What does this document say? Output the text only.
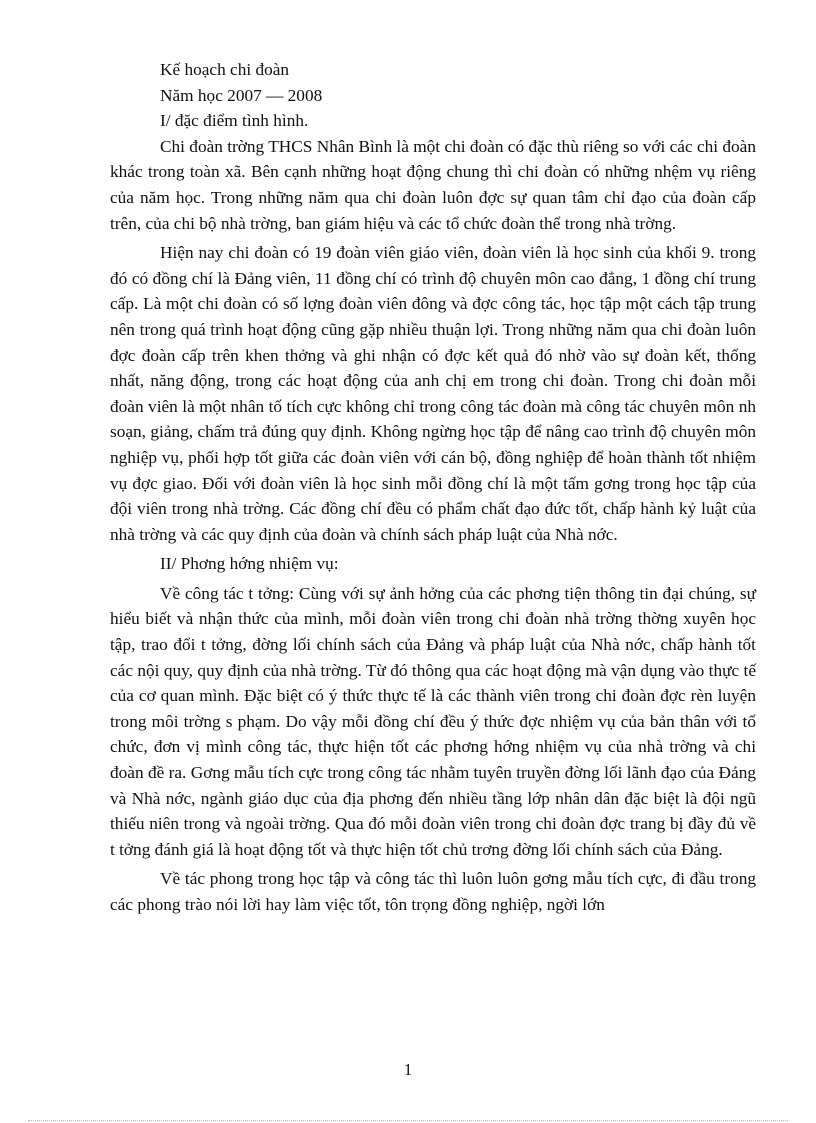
Kế hoạch chi đoàn

Năm học 2007 — 2008

I/ đặc điểm tình hình.

Chi đoàn trờng THCS Nhân Bình là một chi đoàn có đặc thù riêng so với các chi đoàn khác trong toàn xã. Bên cạnh những hoạt động chung thì chi đoàn có những nhệm vụ riêng của năm học. Trong những năm qua chi đoàn luôn đợc sự quan tâm chỉ đạo của đoàn cấp trên, của chi bộ nhà trờng, ban giám hiệu và các tổ chức đoàn thể trong nhà trờng.

Hiện nay chi đoàn có 19 đoàn viên giáo viên, đoàn viên là học sinh của khối 9. trong đó có đồng chí là Đảng viên, 11 đồng chí có trình độ chuyên môn cao đẳng, 1 đồng chí trung cấp. Là một chi đoàn có số lợng đoàn viên đông và đợc công tác, học tập một cách tập trung nên trong quá trình hoạt động cũng gặp nhiều thuận lợi. Trong những năm qua chi đoàn luôn đợc đoàn cấp trên khen thởng và ghi nhận có đợc kết quả đó nhờ vào sự đoàn kết, thống nhất, năng động, trong các hoạt động của anh chị em trong chi đoàn. Trong chi đoàn mỗi đoàn viên là một nhân tố tích cực không chỉ trong công tác đoàn mà công tác chuyên môn nh soạn, giảng, chấm trả đúng quy định. Không ngừng học tập để nâng cao trình độ chuyên môn nghiệp vụ, phối hợp tốt giữa các đoàn viên với cán bộ, đồng nghiệp để hoàn thành tốt nhiệm vụ đợc giao. Đối với đoàn viên là học sinh mỗi đồng chí là một tấm gơng trong học tập của đội viên trong nhà trờng. Các đồng chí đều có phẩm chất đạo đức tốt, chấp hành kỷ luật của nhà trờng và các quy định của đoàn và chính sách pháp luật của Nhà nớc.

II/ Phơng hớng nhiệm vụ:

Về công tác t tởng: Cùng với sự ảnh hởng của các phơng tiện thông tin đại chúng, sự hiểu biết và nhận thức của mình, mỗi đoàn viên trong chi đoàn nhà trờng thờng xuyên học tập, trao đổi t tởng, đờng lối chính sách của Đảng và pháp luật của Nhà nớc, chấp hành tốt các nội quy, quy định của nhà trờng. Từ đó thông qua các hoạt động mà vận dụng vào thực tế của cơ quan mình. Đặc biệt có ý thức thực tế là các thành viên trong chi đoàn đợc rèn luyện trong môi trờng s phạm. Do vậy mỗi đồng chí đều ý thức đợc nhiệm vụ của bản thân với tổ chức, đơn vị mình công tác, thực hiện tốt các phơng hớng nhiệm vụ của nhà trờng và chi đoàn đề ra. Gơng mẫu tích cực trong công tác nhằm tuyên truyền đờng lối lãnh đạo của Đảng và Nhà nớc, ngành giáo dục của địa phơng đến nhiều tầng lớp nhân dân đặc biệt là đội ngũ thiếu niên trong và ngoài trờng. Qua đó mỗi đoàn viên trong chi đoàn đợc trang bị đầy đủ về t tởng đánh giá là hoạt động tốt và thực hiện tốt chủ trơng đờng lối chính sách của Đảng.

Về tác phong trong học tập và công tác thì luôn luôn gơng mẫu tích cực, đi đầu trong các phong trào nói lời hay làm việc tốt, tôn trọng đồng nghiệp, ngời lớn

1
